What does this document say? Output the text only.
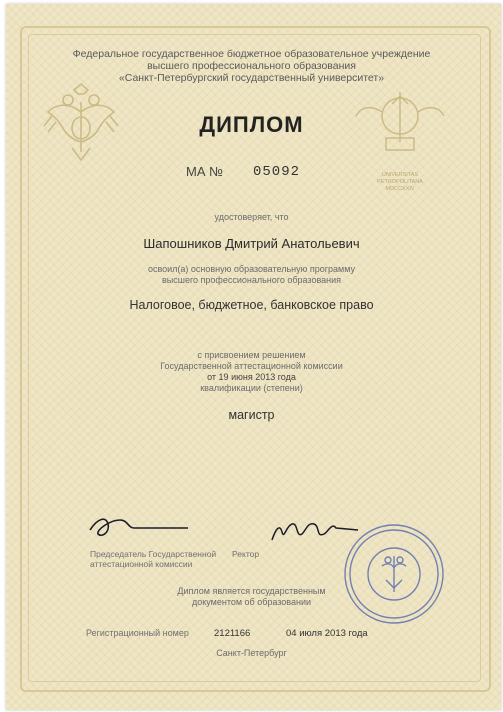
Федеральное государственное бюджетное образовательное учреждение
высшего профессионального образования
«Санкт-Петербургский государственный университет»
UNIVERSITAS PETROPOLITANA MDCCXXIV
ДИПЛОМ
МА № 05092
удостоверяет, что
Шапошников Дмитрий Анатольевич
освоил(а) основную образовательную программу
высшего профессионального образования
Налоговое, бюджетное, банковское право
с присвоением решением
Государственной аттестационной комиссии
от 19 июня 2013 года
квалификации (степени)
магистр
Председатель Государственной
аттестационной комиссии
Ректор
Диплом является государственным
документом об образовании
Регистрационный номер	2121166	04 июля 2013 года
Санкт-Петербург
